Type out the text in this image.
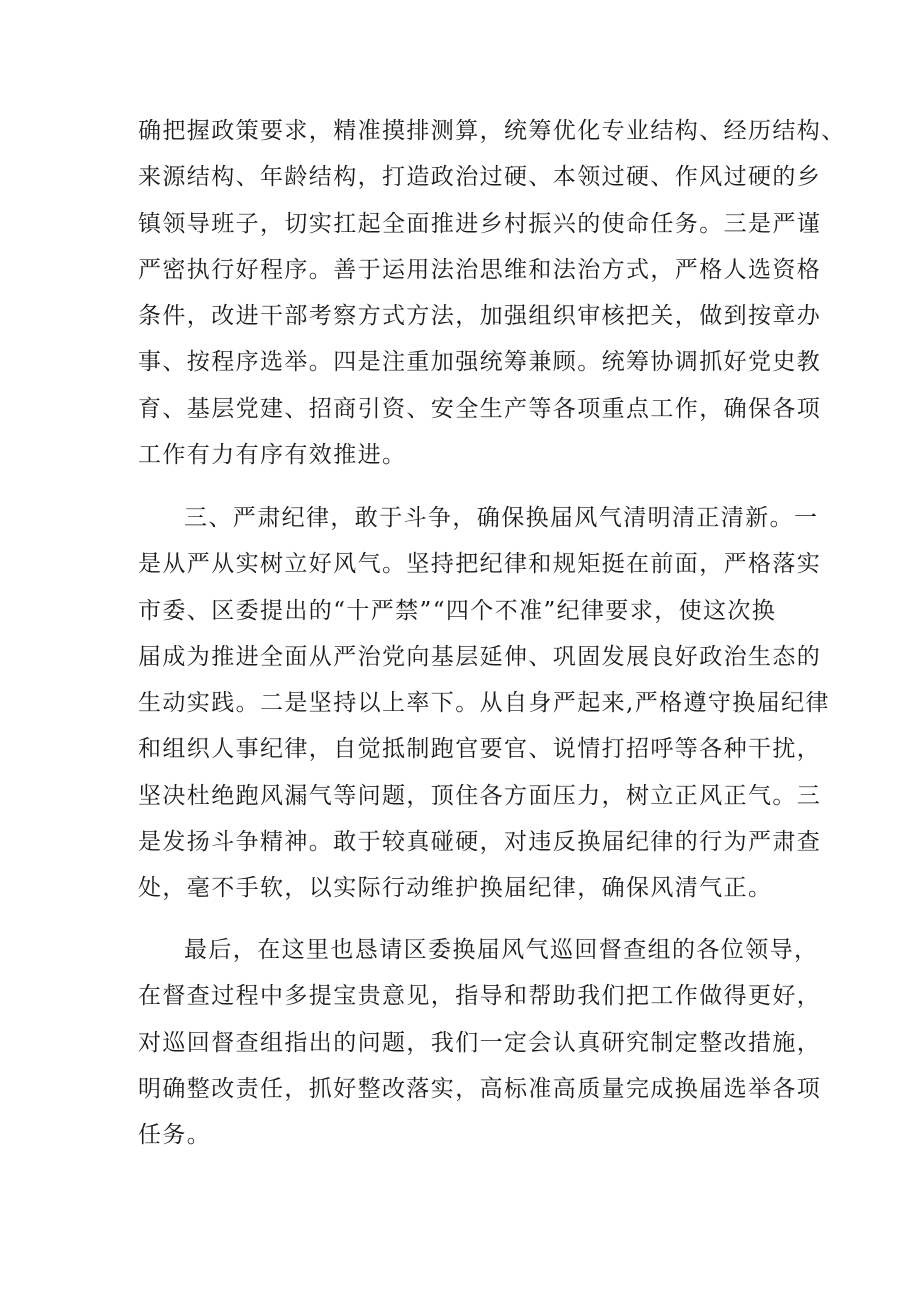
确把握政策要求，精准摸排测算，统筹优化专业结构、经历结构、
来源结构、年龄结构，打造政治过硬、本领过硬、作风过硬的乡
镇领导班子，切实扛起全面推进乡村振兴的使命任务。三是严谨
严密执行好程序。善于运用法治思维和法治方式，严格人选资格
条件，改进干部考察方式方法，加强组织审核把关，做到按章办
事、按程序选举。四是注重加强统筹兼顾。统筹协调抓好党史教
育、基层党建、招商引资、安全生产等各项重点工作，确保各项
工作有力有序有效推进。
三、严肃纪律，敢于斗争，确保换届风气清明清正清新。一
是从严从实树立好风气。坚持把纪律和规矩挺在前面，严格落实
市委、区委提出的“十严禁”“四个不准”纪律要求，使这次换
届成为推进全面从严治党向基层延伸、巩固发展良好政治生态的
生动实践。二是坚持以上率下。从自身严起来,严格遵守换届纪律
和组织人事纪律，自觉抵制跑官要官、说情打招呼等各种干扰，
坚决杜绝跑风漏气等问题，顶住各方面压力，树立正风正气。三
是发扬斗争精神。敢于较真碰硬，对违反换届纪律的行为严肃查
处，毫不手软，以实际行动维护换届纪律，确保风清气正。
最后，在这里也恳请区委换届风气巡回督查组的各位领导，
在督查过程中多提宝贵意见，指导和帮助我们把工作做得更好，
对巡回督查组指出的问题，我们一定会认真研究制定整改措施，
明确整改责任，抓好整改落实，高标准高质量完成换届选举各项
任务。
